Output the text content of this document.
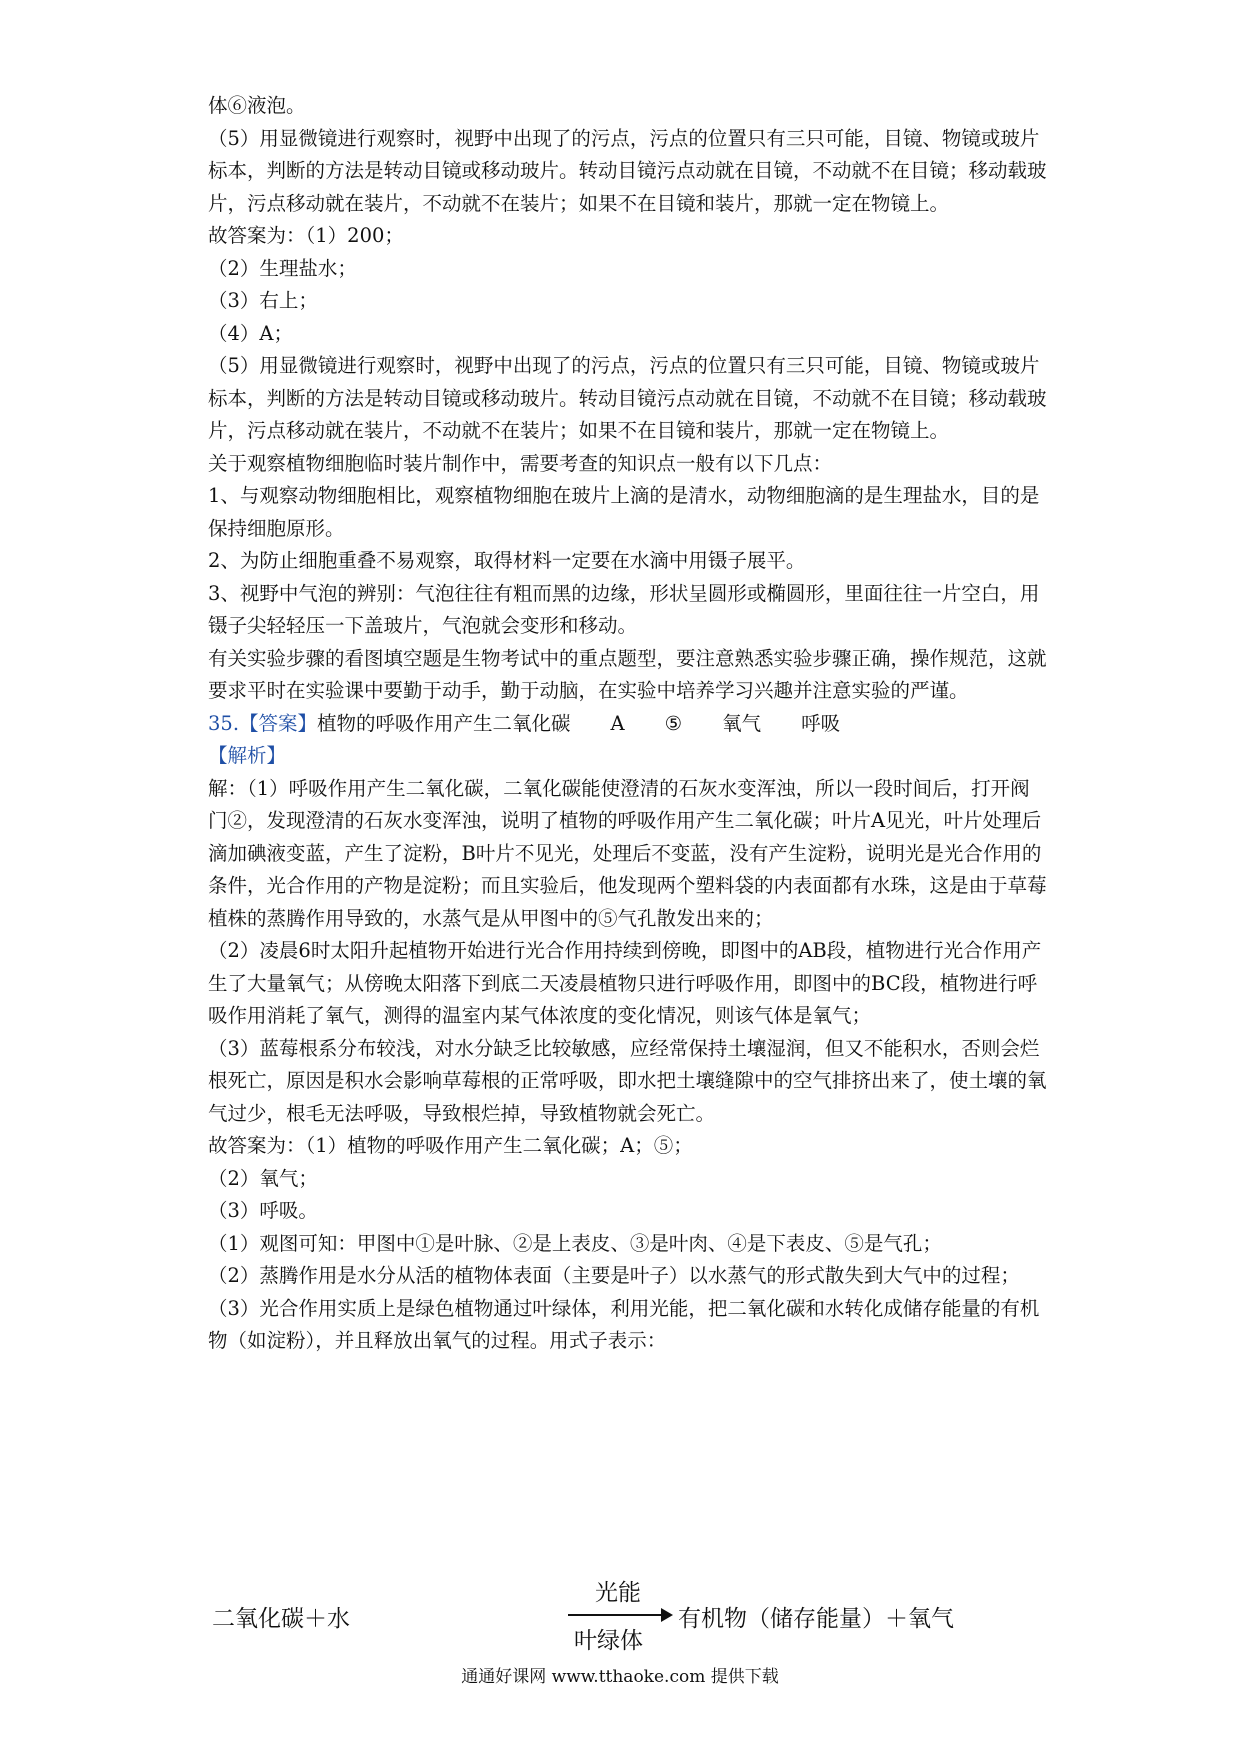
体⑥液泡。

（5）用显微镜进行观察时，视野中出现了的污点，污点的位置只有三只可能，目镜、物镜或玻片标本，判断的方法是转动目镜或移动玻片。转动目镜污点动就在目镜，不动就不在目镜；移动载玻片，污点移动就在装片，不动就不在装片；如果不在目镜和装片，那就一定在物镜上。

故答案为：（1）200；

（2）生理盐水；

（3）右上；

（4）A；

（5）用显微镜进行观察时，视野中出现了的污点，污点的位置只有三只可能，目镜、物镜或玻片标本，判断的方法是转动目镜或移动玻片。转动目镜污点动就在目镜，不动就不在目镜；移动载玻片，污点移动就在装片，不动就不在装片；如果不在目镜和装片，那就一定在物镜上。

关于观察植物细胞临时装片制作中，需要考查的知识点一般有以下几点：

1、与观察动物细胞相比，观察植物细胞在玻片上滴的是清水，动物细胞滴的是生理盐水，目的是保持细胞原形。

2、为防止细胞重叠不易观察，取得材料一定要在水滴中用镊子展平。

3、视野中气泡的辨别：气泡往往有粗而黑的边缘，形状呈圆形或椭圆形，里面往往一片空白，用镊子尖轻轻压一下盖玻片，气泡就会变形和移动。

有关实验步骤的看图填空题是生物考试中的重点题型，要注意熟悉实验步骤正确，操作规范，这就要求平时在实验课中要勤于动手，勤于动脑，在实验中培养学习兴趣并注意实验的严谨。

35.【答案】植物的呼吸作用产生二氧化碳 A ⑤ 氧气 呼吸

【解析】

解：（1）呼吸作用产生二氧化碳，二氧化碳能使澄清的石灰水变浑浊，所以一段时间后，打开阀门②，发现澄清的石灰水变浑浊，说明了植物的呼吸作用产生二氧化碳；叶片A见光，叶片处理后滴加碘液变蓝，产生了淀粉，B叶片不见光，处理后不变蓝，没有产生淀粉，说明光是光合作用的条件，光合作用的产物是淀粉；而且实验后，他发现两个塑料袋的内表面都有水珠，这是由于草莓植株的蒸腾作用导致的，水蒸气是从甲图中的⑤气孔散发出来的；

（2）凌晨6时太阳升起植物开始进行光合作用持续到傍晚，即图中的AB段，植物进行光合作用产生了大量氧气；从傍晚太阳落下到底二天凌晨植物只进行呼吸作用，即图中的BC段，植物进行呼吸作用消耗了氧气，测得的温室内某气体浓度的变化情况，则该气体是氧气；

（3）蓝莓根系分布较浅，对水分缺乏比较敏感，应经常保持土壤湿润，但又不能积水，否则会烂根死亡，原因是积水会影响草莓根的正常呼吸，即水把土壤缝隙中的空气排挤出来了，使土壤的氧气过少，根毛无法呼吸，导致根烂掉，导致植物就会死亡。

故答案为：（1）植物的呼吸作用产生二氧化碳；A；⑤；

（2）氧气；

（3）呼吸。

（1）观图可知：甲图中①是叶脉、②是上表皮、③是叶肉、④是下表皮、⑤是气孔；

（2）蒸腾作用是水分从活的植物体表面（主要是叶子）以水蒸气的形式散失到大气中的过程；

（3）光合作用实质上是绿色植物通过叶绿体，利用光能，把二氧化碳和水转化成储存能量的有机物（如淀粉），并且释放出氧气的过程。用式子表示：

二氧化碳＋水
光能
叶绿体
有机物（储存能量）＋氧气
通通好课网 www.tthaoke.com 提供下载
